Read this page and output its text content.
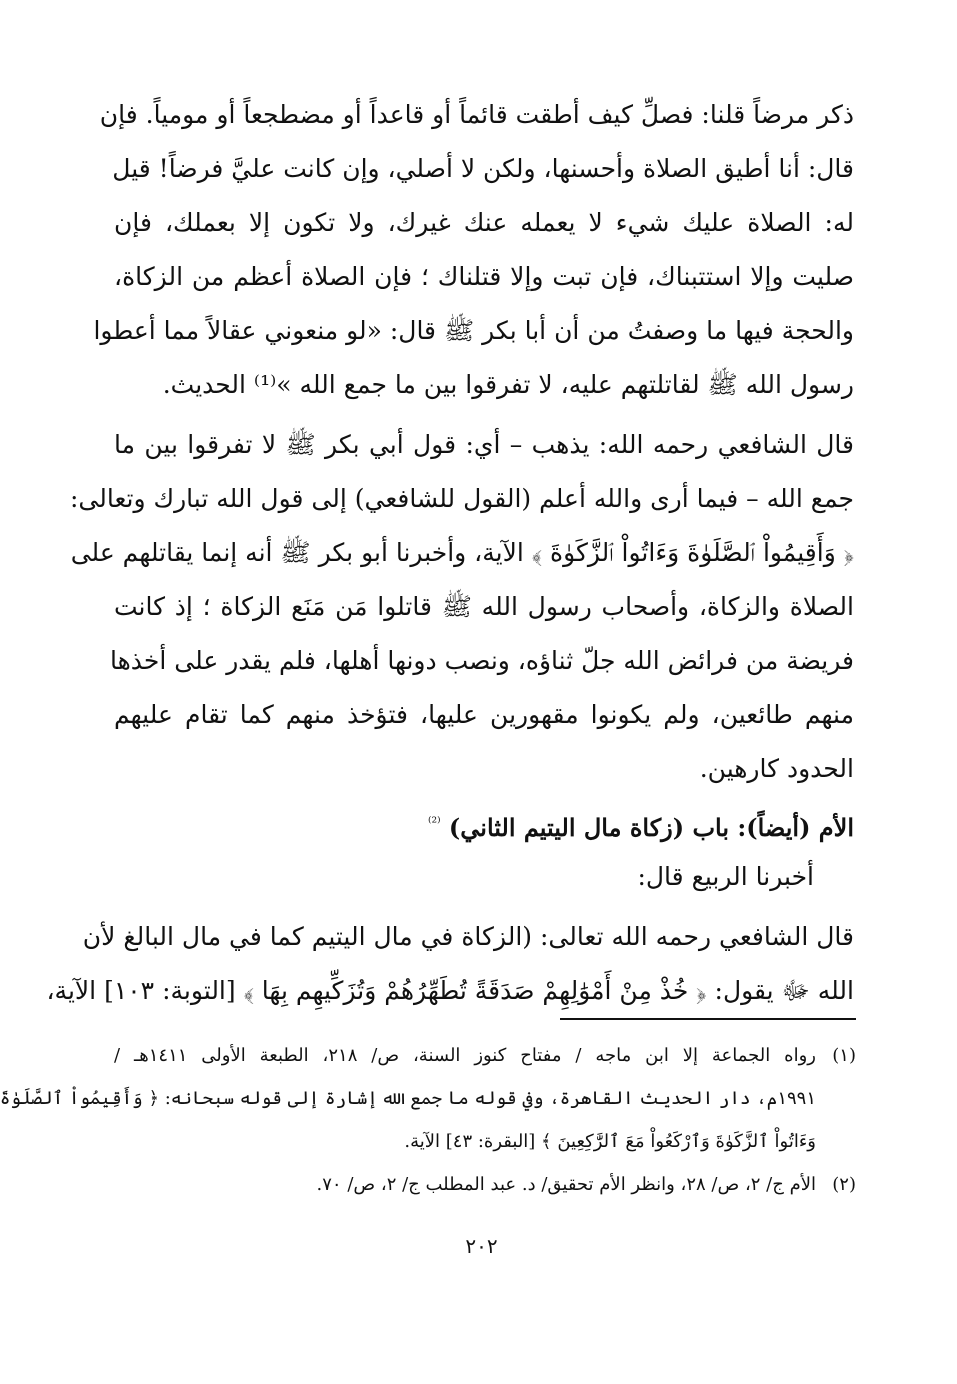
ذكر مرضاً قلنا: فصلِّ كيف أطقت قائماً أو قاعداً أو مضطجعاً أو مومياً. فإن
قال: أنا أطيق الصلاة وأحسنها، ولكن لا أصلي، وإن كانت عليَّ فرضاً! قيل
له: الصلاة عليك شيء لا يعمله عنك غيرك، ولا تكون إلا بعملك، فإن
صليت وإلا استتبناك، فإن تبت وإلا قتلناك ؛ فإن الصلاة أعظم من الزكاة،
والحجة فيها ما وصفتُ من أن أبا بكر ﷺ قال: «لو منعوني عقالاً مما أعطوا
رسول الله ﷺ لقاتلتهم عليه، لا تفرقوا بين ما جمع الله »⁽¹⁾ الحديث.
قال الشافعي رحمه الله: يذهب – أي: قول أبي بكر ﷺ لا تفرقوا بين ما
جمع الله – فيما أرى والله أعلم (القول للشافعي) إلى قول الله تبارك وتعالى:
﴿ وَأَقِيمُواْ ٱلصَّلَوٰةَ وَءَاتُواْ ٱلزَّكَوٰةَ ﴾ الآية، وأخبرنا أبو بكر ﷺ أنه إنما يقاتلهم على
الصلاة والزكاة، وأصحاب رسول الله ﷺ قاتلوا مَن مَنَع الزكاة ؛ إذ كانت
فريضة من فرائض الله جلّ ثناؤه، ونصب دونها أهلها، فلم يقدر على أخذها
منهم طائعين، ولم يكونوا مقهورين عليها، فتؤخذ منهم كما تقام عليهم
الحدود كارهين.
الأم (أيضاً): باب (زكاة مال اليتيم الثاني) $^{^{(2)}}$
أخبرنا الربيع قال:
قال الشافعي رحمه الله تعالى: (الزكاة في مال اليتيم كما في مال البالغ لأن
الله ﷻ يقول: ﴿ خُذْ مِنْ أَمْوَٰلِهِمْ صَدَقَةً تُطَهِّرُهُمْ وَتُزَكِّيهِم بِهَا ﴾ [التوبة: ١٠٣] الآية،
(١)رواه الجماعة إلا ابن ماجه / مفتاح كنوز السنة، ص/ ٢١٨، الطبعة الأولى ١٤١١هـ /
١٩٩١م، دار الحديث القاهرة، وفي قوله ما جمع الله إشارة إلى قوله سبحانه: ﴿ وَأَقِيمُواْ ٱلصَّلَوٰةَ
وَءَاتُواْ ٱلزَّكَوٰةَ وَٱرْكَعُواْ مَعَ ٱلرَّٰكِعِينَ ﴾ [البقرة: ٤٣] الآية.
(٢)الأم ج/ ٢، ص/ ٢٨، وانظر الأم تحقيق/ د. عبد المطلب ج/ ٢، ص/ ٧٠.
٢٠٢
